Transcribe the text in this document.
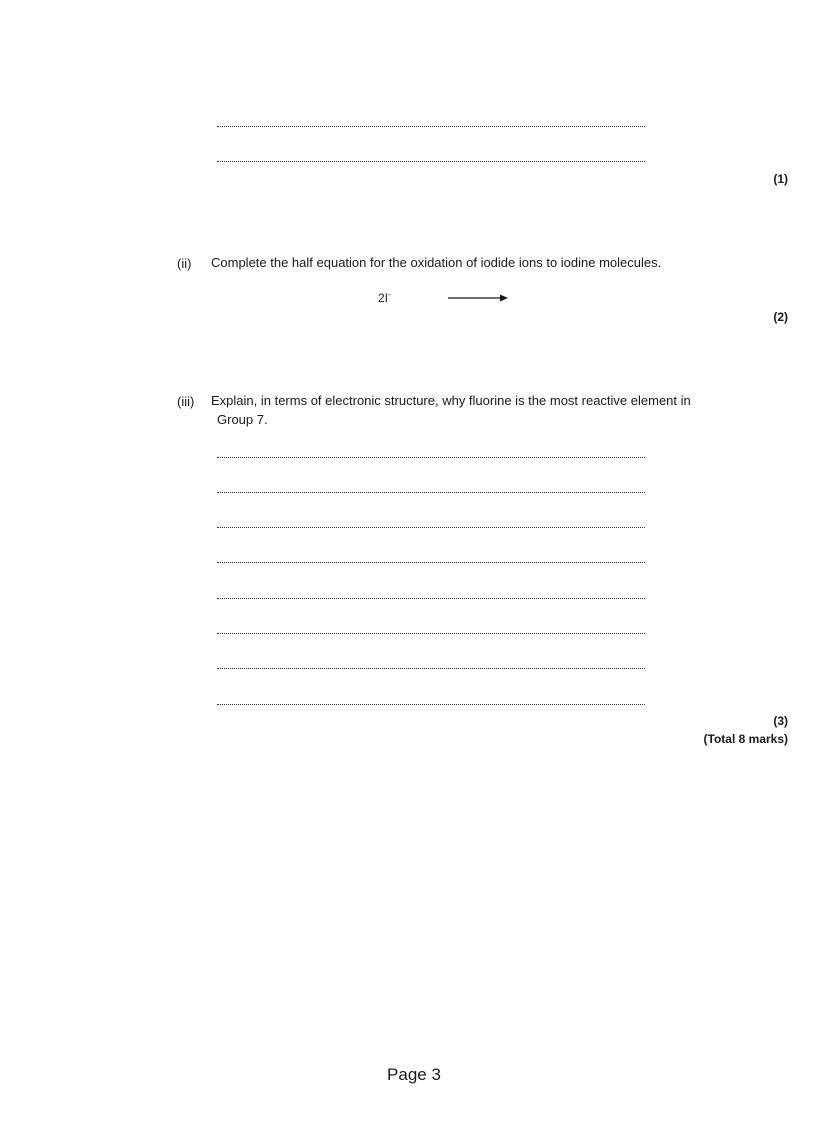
(1)
(ii) Complete the half equation for the oxidation of iodide ions to iodine molecules.
2I-
(2)
(iii) Explain, in terms of electronic structure, why fluorine is the most reactive element in
Group 7.
(3)
(Total 8 marks)
Page 3
